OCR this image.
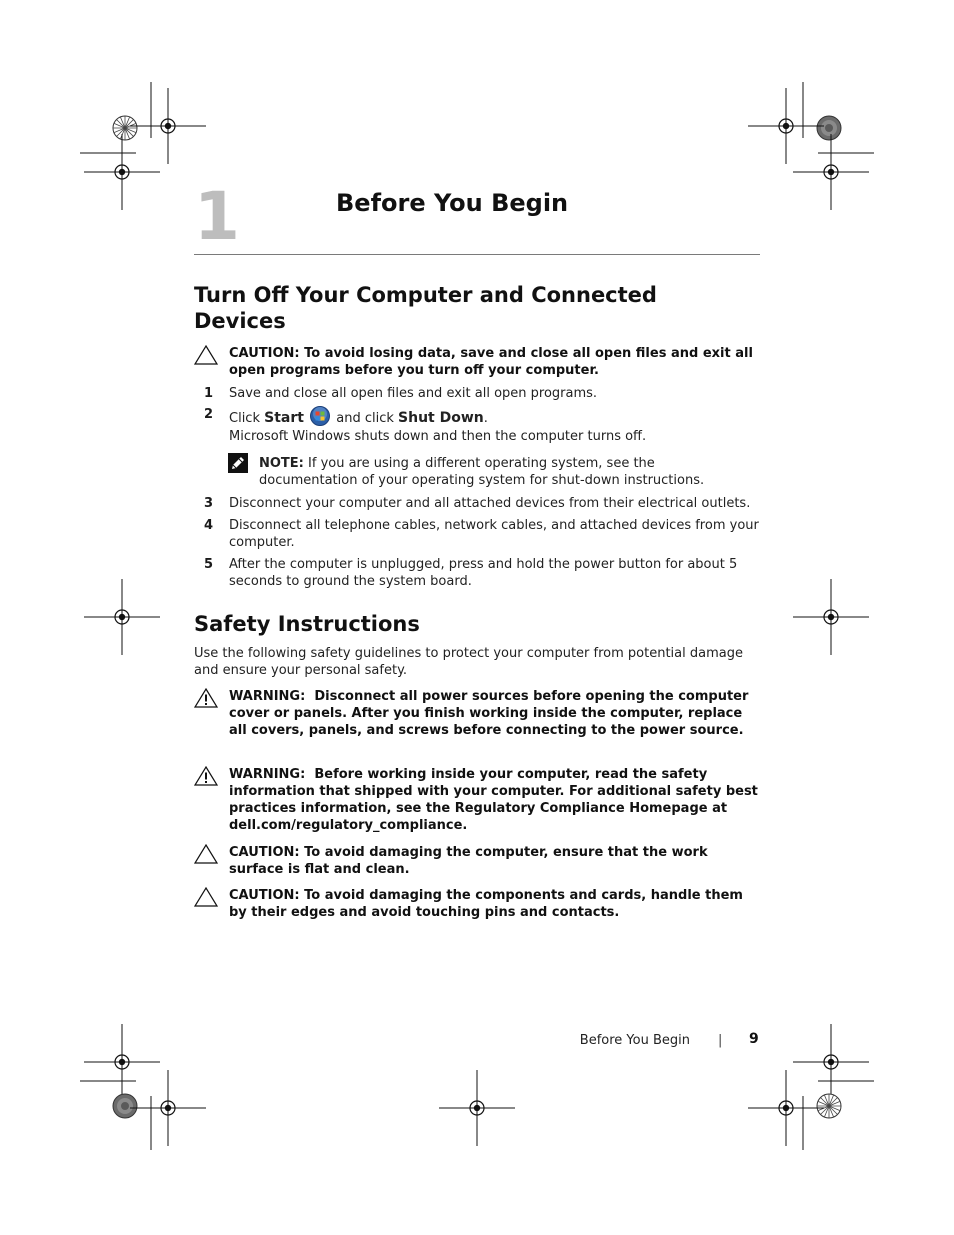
1	Before You Begin
Turn Off Your Computer and Connected
Devices
CAUTION: To avoid losing data, save and close all open files and exit all open programs before you turn off your computer.
1 Save and close all open files and exit all open programs.
2 Click Start and click Shut Down.
Microsoft Windows shuts down and then the computer turns off.
NOTE: If you are using a different operating system, see the documentation of your operating system for shut-down instructions.
3 Disconnect your computer and all attached devices from their electrical outlets.
4 Disconnect all telephone cables, network cables, and attached devices from your computer.
5 After the computer is unplugged, press and hold the power button for about 5 seconds to ground the system board.
Safety Instructions
Use the following safety guidelines to protect your computer from potential damage and ensure your personal safety.
WARNING: Disconnect all power sources before opening the computer cover or panels. After you finish working inside the computer, replace all covers, panels, and screws before connecting to the power source.
WARNING: Before working inside your computer, read the safety information that shipped with your computer. For additional safety best practices information, see the Regulatory Compliance Homepage at dell.com/regulatory_compliance.
CAUTION: To avoid damaging the computer, ensure that the work surface is flat and clean.
CAUTION: To avoid damaging the components and cards, handle them by their edges and avoid touching pins and contacts.
Before You Begin | 9
